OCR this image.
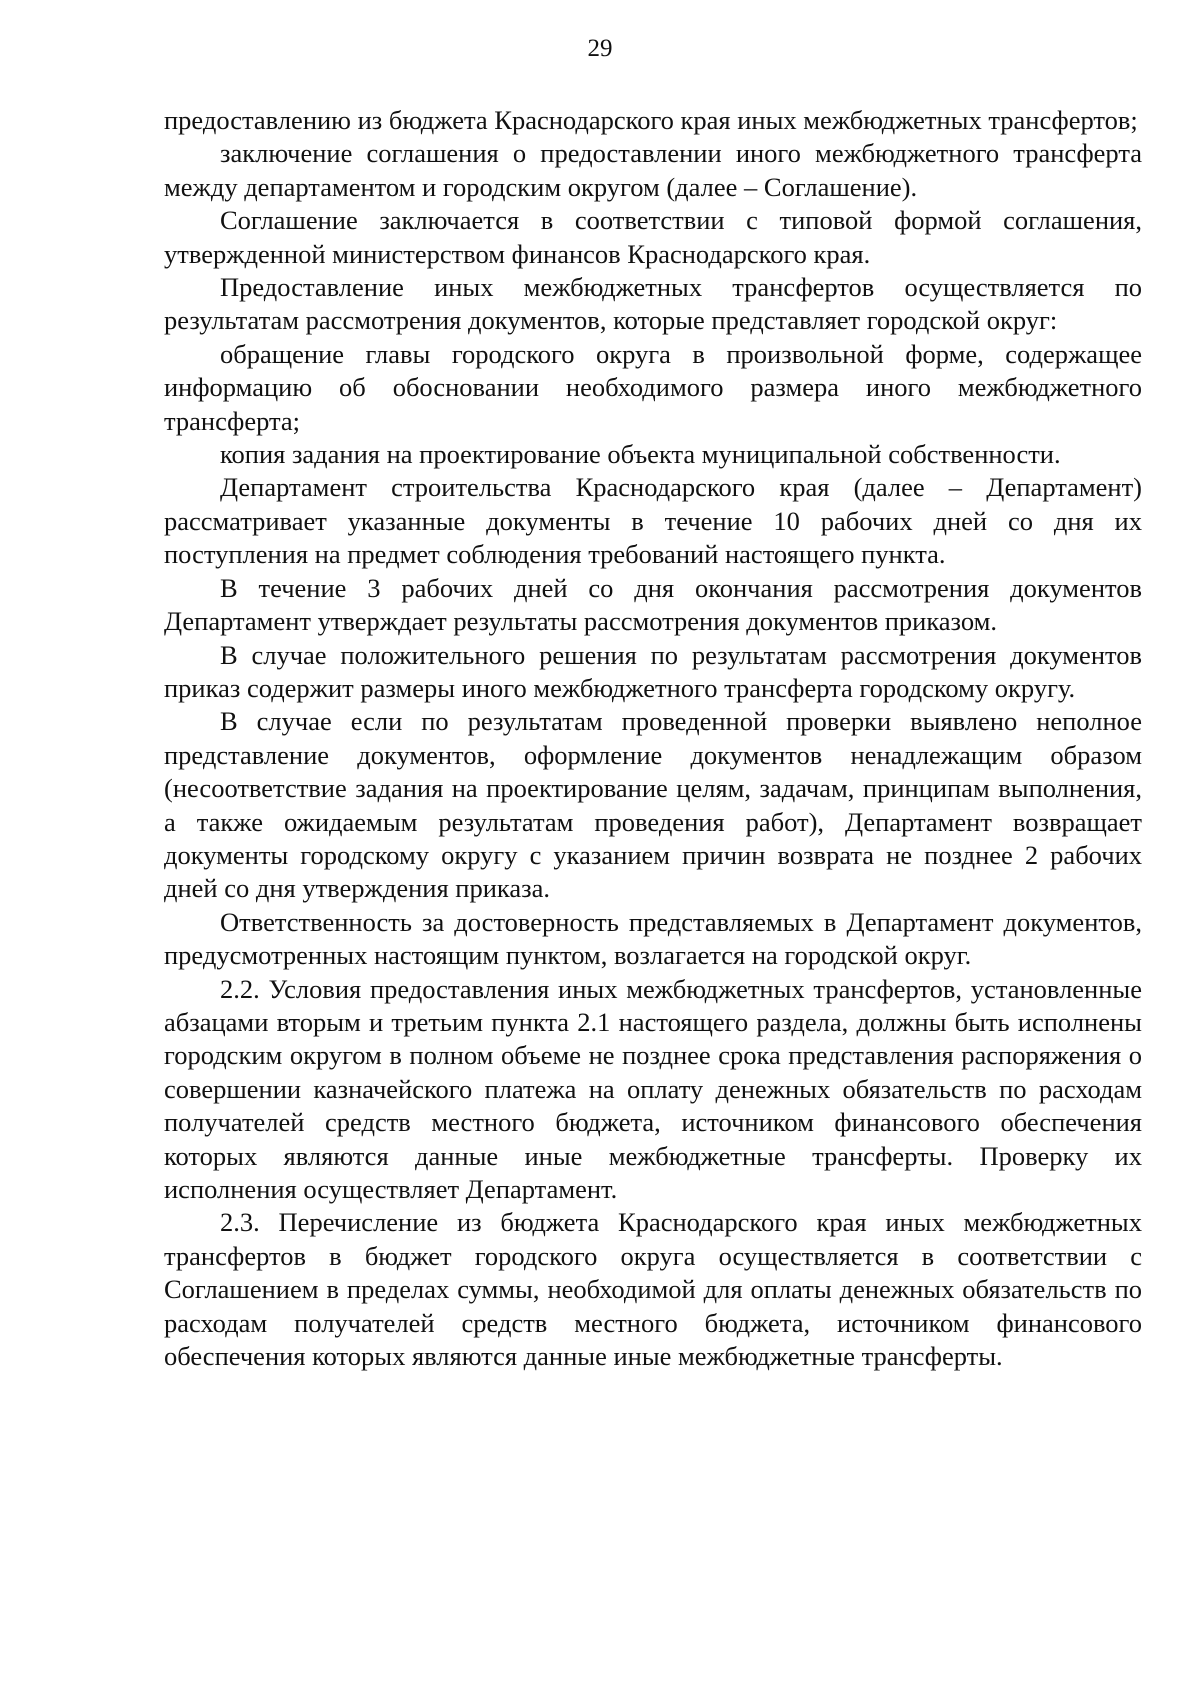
29

предоставлению из бюджета Краснодарского края иных межбюджетных трансфертов;

заключение соглашения о предоставлении иного межбюджетного трансферта между департаментом и городским округом (далее – Соглашение).

Соглашение заключается в соответствии с типовой формой соглашения, утвержденной министерством финансов Краснодарского края.

Предоставление иных межбюджетных трансфертов осуществляется по результатам рассмотрения документов, которые представляет городской округ:

обращение главы городского округа в произвольной форме, содержащее информацию об обосновании необходимого размера иного межбюджетного трансферта;

копия задания на проектирование объекта муниципальной собственности.

Департамент строительства Краснодарского края (далее – Департамент) рассматривает указанные документы в течение 10 рабочих дней со дня их поступления на предмет соблюдения требований настоящего пункта.

В течение 3 рабочих дней со дня окончания рассмотрения документов Департамент утверждает результаты рассмотрения документов приказом.

В случае положительного решения по результатам рассмотрения документов приказ содержит размеры иного межбюджетного трансферта городскому округу.

В случае если по результатам проведенной проверки выявлено неполное представление документов, оформление документов ненадлежащим образом (несоответствие задания на проектирование целям, задачам, принципам выполнения, а также ожидаемым результатам проведения работ), Департамент возвращает документы городскому округу с указанием причин возврата не позднее 2 рабочих дней со дня утверждения приказа.

Ответственность за достоверность представляемых в Департамент документов, предусмотренных настоящим пунктом, возлагается на городской округ.

2.2. Условия предоставления иных межбюджетных трансфертов, установленные абзацами вторым и третьим пункта 2.1 настоящего раздела, должны быть исполнены городским округом в полном объеме не позднее срока представления распоряжения о совершении казначейского платежа на оплату денежных обязательств по расходам получателей средств местного бюджета, источником финансового обеспечения которых являются данные иные межбюджетные трансферты. Проверку их исполнения осуществляет Департамент.

2.3. Перечисление из бюджета Краснодарского края иных межбюджетных трансфертов в бюджет городского округа осуществляется в соответствии с Соглашением в пределах суммы, необходимой для оплаты денежных обязательств по расходам получателей средств местного бюджета, источником финансового обеспечения которых являются данные иные межбюджетные трансферты.
